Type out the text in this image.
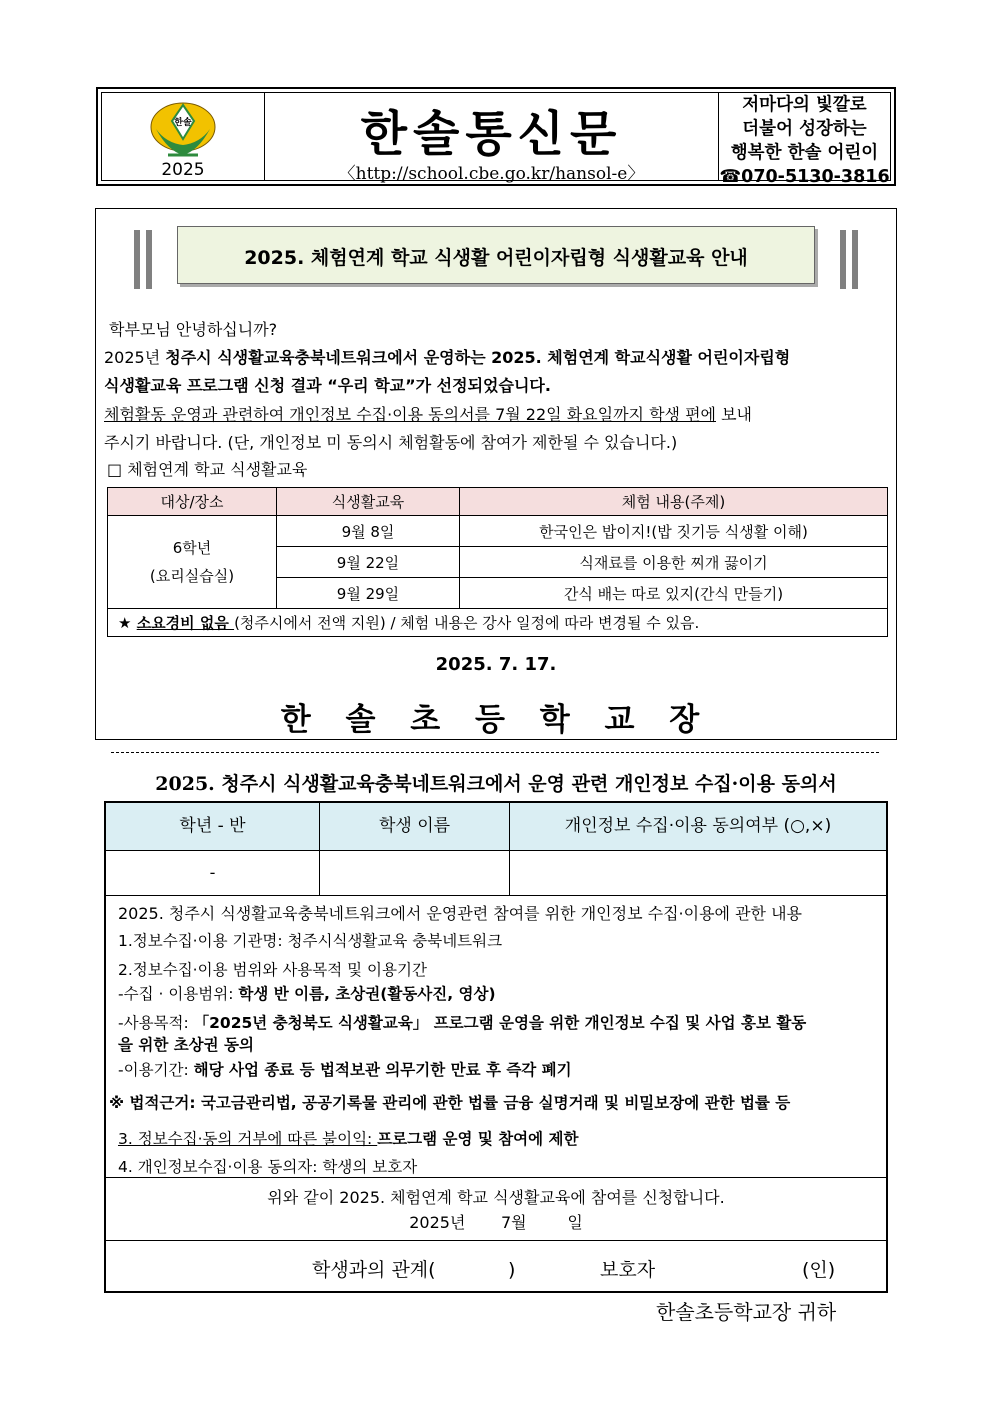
한솔
2025
한솔통신문
〈http://school.cbe.go.kr/hansol-e〉
저마다의 빛깔로
더불어 성장하는
행복한 한솔 어린이
☎070-5130-3816
2025. 체험연계 학교 식생활 어린이자립형 식생활교육 안내
학부모님 안녕하십니까?
2025년 청주시 식생활교육충북네트워크에서 운영하는 2025. 체험연계 학교식생활 어린이자립형
식생활교육 프로그램 신청 결과 “우리 학교”가 선정되었습니다.
체험활동 운영과 관련하여 개인정보 수집·이용 동의서를 7월 22일 화요일까지 학생 편에 보내
주시기 바랍니다. (단, 개인정보 미 동의시 체험활동에 참여가 제한될 수 있습니다.)
□ 체험연계 학교 식생활교육
대상/장소	식생활교육	체험 내용(주제)

6학년
(요리실습실)	9월 8일	한국인은 밥이지!(밥 짓기등 식생활 이해)
	9월 22일	식재료를 이용한 찌개 끓이기
	9월 29일	간식 배는 따로 있지(간식 만들기)
★ 소요경비 없음 (청주시에서 전액 지원) / 체험 내용은 강사 일정에 따라 변경될 수 있음.		
2025. 7. 17.
한 솔 초 등 학 교 장
2025. 청주시 식생활교육충북네트워크에서 운영 관련 개인정보 수집·이용 동의서
학년 - 반	학생 이름	개인정보 수집·이용 동의여부 (○,×)
-
2025. 청주시 식생활교육충북네트워크에서 운영관련 참여를 위한 개인정보 수집·이용에 관한 내용
1.정보수집·이용 기관명: 청주시식생활교육 충북네트워크
2.정보수집·이용 범위와 사용목적 및 이용기간
-수집 · 이용범위: 학생 반 이름, 초상권(활동사진, 영상)
-사용목적: 「2025년 충청북도 식생활교육」 프로그램 운영을 위한 개인정보 수집 및 사업 홍보 활동
을 위한 초상권 동의
-이용기간: 해당 사업 종료 등 법적보관 의무기한 만료 후 즉각 폐기
※ 법적근거: 국고금관리법, 공공기록물 관리에 관한 법률 금융 실명거래 및 비밀보장에 관한 법률 등
3. 정보수집·동의 거부에 따른 불이익: 프로그램 운영 및 참여에 제한
4. 개인정보수집·이용 동의자: 학생의 보호자
위와 같이 2025. 체험연계 학교 식생활교육에 참여를 신청합니다.
2025년       7월        일
학생과의 관계(            )	보호자	(인)
한솔초등학교장 귀하
